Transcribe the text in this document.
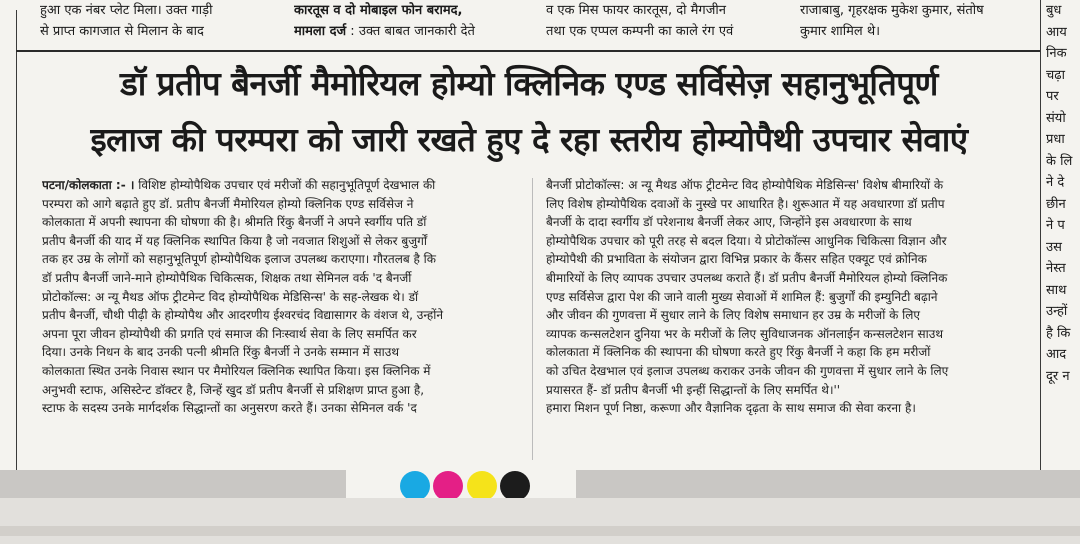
हुआ एक नंबर प्लेट मिला। उक्त गाड़ी
से प्राप्त कागजात से मिलान के बाद
कारतूस व दो मोबाइल फोन बरामद,
मामला दर्ज : उक्त बाबत जानकारी देते
व एक मिस फायर कारतूस, दो मैगजीन
तथा एक एप्पल कम्पनी का काले रंग एवं
राजाबाबु, गृहरक्षक मुकेश कुमार, संतोष
कुमार शामिल थे।
डॉ प्रतीप बैनर्जी मैमोरियल होम्यो क्लिनिक एण्ड सर्विसेज़ सहानुभूतिपूर्ण
इलाज की परम्परा को जारी रखते हुए दे रहा स्तरीय होम्योपैथी उपचार सेवाएं
पटना/कोलकाता :- । विशिष्ट होम्योपैथिक उपचार एवं मरीजों की सहानुभूतिपूर्ण देखभाल की
परम्परा को आगे बढ़ाते हुए डॉ. प्रतीप बैनर्जी मैमोरियल होम्यो क्लिनिक एण्ड सर्विसेज ने
कोलकाता में अपनी स्थापना की घोषणा की है। श्रीमति रिंकु बैनर्जी ने अपने स्वर्गीय पति डॉ
प्रतीप बैनर्जी की याद में यह क्लिनिक स्थापित किया है जो नवजात शिशुओं से लेकर बुजुर्गों
तक हर उम्र के लोगों को सहानुभूतिपूर्ण होम्योपैथिक इलाज उपलब्ध कराएगा। गौरतलब है कि
डॉ प्रतीप बैनर्जी जाने-माने होम्योपैथिक चिकित्सक, शिक्षक तथा सेमिनल वर्क 'द बैनर्जी
प्रोटोकॉल्स: अ न्यू मैथड ऑफ ट्रीटमेन्ट विद होम्योपैथिक मेडिसिन्स' के सह-लेखक थे। डॉ
प्रतीप बैनर्जी, चौथी पीढ़ी के होम्योपैथ और आदरणीय ईश्वरचंद विद्यासागर के वंशज थे, उन्होंने
अपना पूरा जीवन होम्योपैथी की प्रगति एवं समाज की निःस्वार्थ सेवा के लिए समर्पित कर
दिया। उनके निधन के बाद उनकी पत्नी श्रीमति रिंकु बैनर्जी ने उनके सम्मान में साउथ
कोलकाता स्थित उनके निवास स्थान पर मैमोरियल क्लिनिक स्थापित किया। इस क्लिनिक में
अनुभवी स्टाफ, असिस्टेन्ट डॉक्टर है, जिन्हें खुद डॉ प्रतीप बैनर्जी से प्रशिक्षण प्राप्त हुआ है,
स्टाफ के सदस्य उनके मार्गदर्शक सिद्धान्तों का अनुसरण करते हैं। उनका सेमिनल वर्क 'द
बैनर्जी प्रोटोकॉल्स: अ न्यू मैथड ऑफ ट्रीटमेन्ट विद होम्योपैथिक मेडिसिन्स' विशेष बीमारियों के
लिए विशेष होम्योपैथिक दवाओं के नुस्खे पर आधारित है। शुरूआत में यह अवधारणा डॉ प्रतीप
बैनर्जी के दादा स्वर्गीय डॉ परेशनाथ बैनर्जी लेकर आए, जिन्होंने इस अवधारणा के साथ
होम्योपैथिक उपचार को पूरी तरह से बदल दिया। ये प्रोटोकॉल्स आधुनिक चिकित्सा विज्ञान और
होम्योपैथी की प्रभाविता के संयोजन द्वारा विभिन्न प्रकार के कैंसर सहित एक्यूट एवं क्रोनिक
बीमारियों के लिए व्यापक उपचार उपलब्ध कराते हैं। डॉ प्रतीप बैनर्जी मैमोरियल होम्यो क्लिनिक
एण्ड सर्विसेज द्वारा पेश की जाने वाली मुख्य सेवाओं में शामिल हैं: बुजुर्गों की इम्युनिटी बढ़ाने
और जीवन की गुणवत्ता में सुधार लाने के लिए विशेष समाधान हर उम्र के मरीजों के लिए
व्यापक कन्सलटेशन दुनिया भर के मरीजों के लिए सुविधाजनक ऑनलाईन कन्सलटेशन साउथ
कोलकाता में क्लिनिक की स्थापना की घोषणा करते हुए रिंकु बैनर्जी ने कहा कि हम मरीजों
को उचित देखभाल एवं इलाज उपलब्ध कराकर उनके जीवन की गुणवत्ता में सुधार लाने के लिए
प्रयासरत हैं- डॉ प्रतीप बैनर्जी भी इन्हीं सिद्धान्तों के लिए समर्पित थे।''
हमारा मिशन पूर्ण निष्ठा, करूणा और वैज्ञानिक दृढ़ता के साथ समाज की सेवा करना है।
बुध
आय
निक
चढ़ा
पर
संयो
प्रधा
के लि
ने दे
छीन
ने प
उस
नेस्त
साथ
उन्हों
है कि
आद
दूर न
